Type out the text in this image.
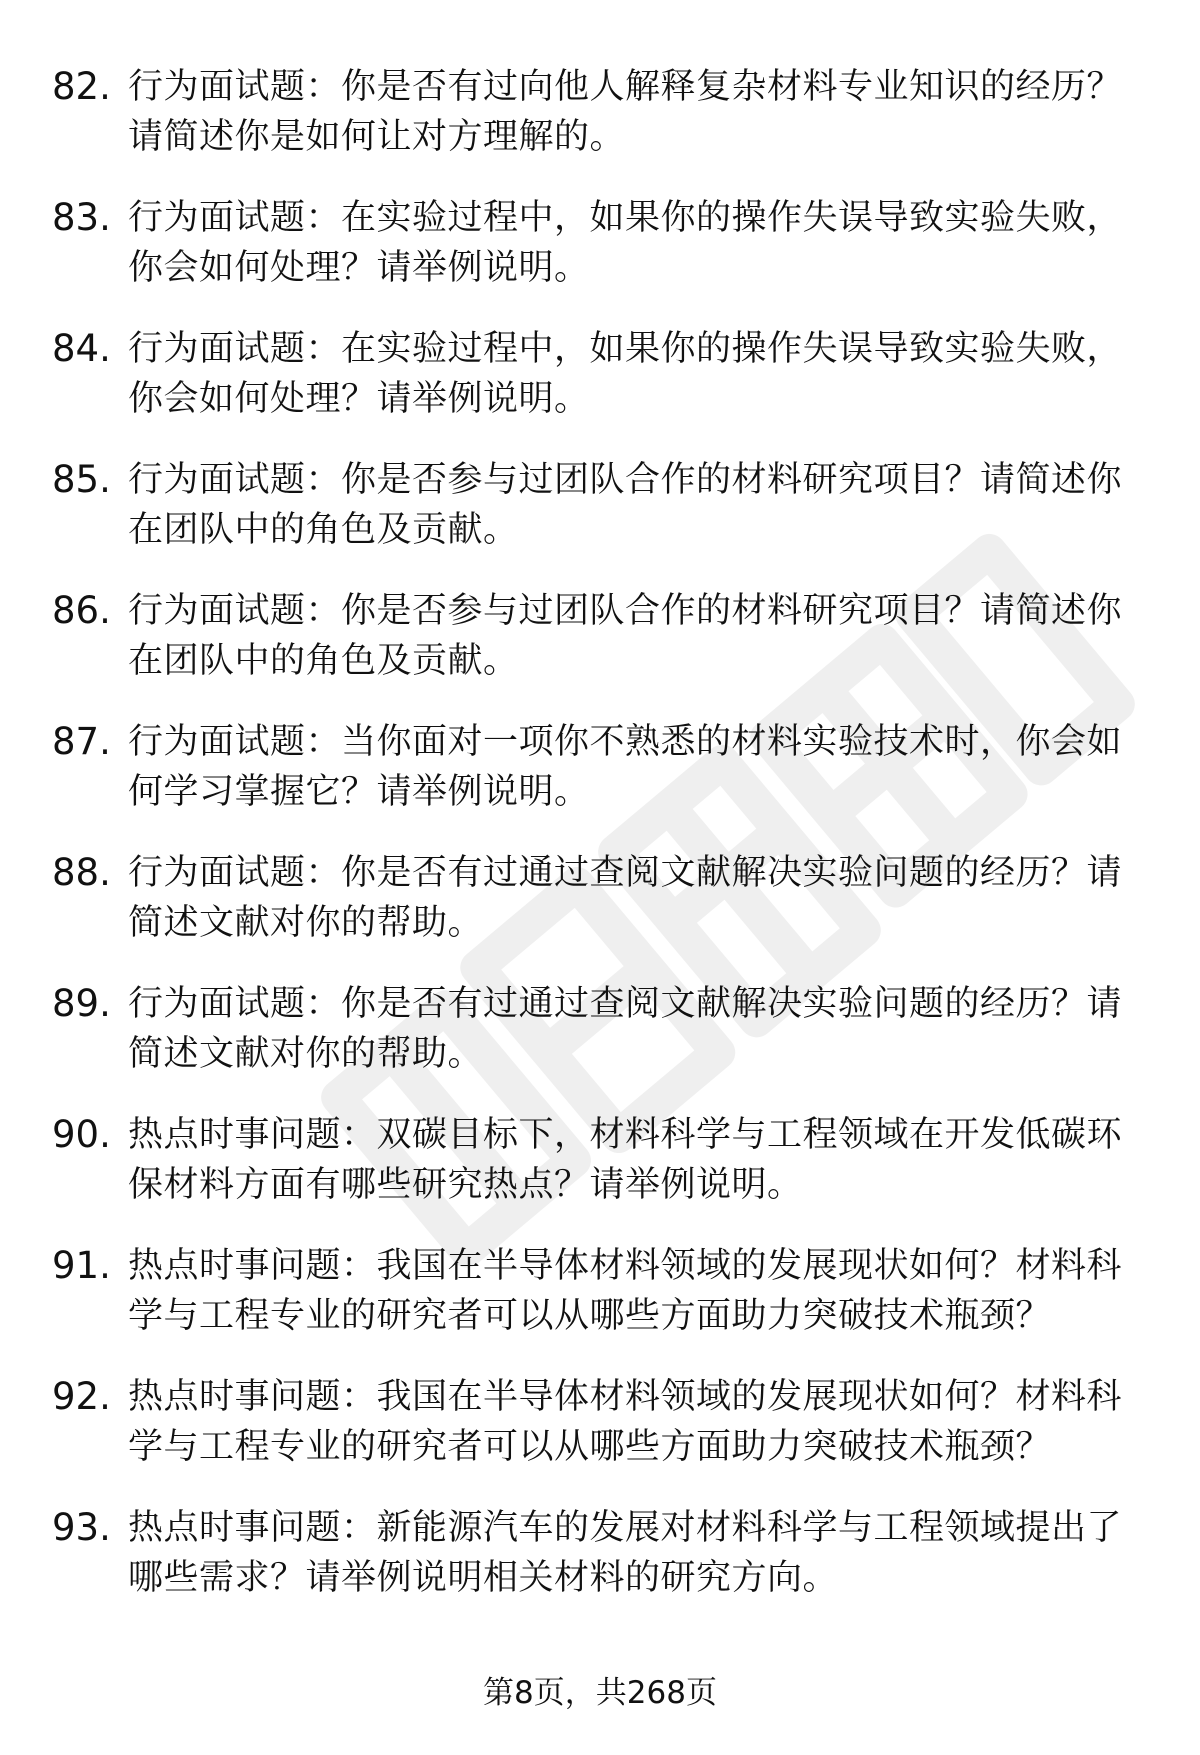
82. 行为面试题：你是否有过向他人解释复杂材料专业知识的经历？请简述你是如何让对方理解的。
83. 行为面试题：在实验过程中，如果你的操作失误导致实验失败，你会如何处理？请举例说明。
84. 行为面试题：在实验过程中，如果你的操作失误导致实验失败，你会如何处理？请举例说明。
85. 行为面试题：你是否参与过团队合作的材料研究项目？请简述你在团队中的角色及贡献。
86. 行为面试题：你是否参与过团队合作的材料研究项目？请简述你在团队中的角色及贡献。
87. 行为面试题：当你面对一项你不熟悉的材料实验技术时，你会如何学习掌握它？请举例说明。
88. 行为面试题：你是否有过通过查阅文献解决实验问题的经历？请简述文献对你的帮助。
89. 行为面试题：你是否有过通过查阅文献解决实验问题的经历？请简述文献对你的帮助。
90. 热点时事问题：双碳目标下，材料科学与工程领域在开发低碳环保材料方面有哪些研究热点？请举例说明。
91. 热点时事问题：我国在半导体材料领域的发展现状如何？材料科学与工程专业的研究者可以从哪些方面助力突破技术瓶颈？
92. 热点时事问题：我国在半导体材料领域的发展现状如何？材料科学与工程专业的研究者可以从哪些方面助力突破技术瓶颈？
93. 热点时事问题：新能源汽车的发展对材料科学与工程领域提出了哪些需求？请举例说明相关材料的研究方向。
第8页，共268页
